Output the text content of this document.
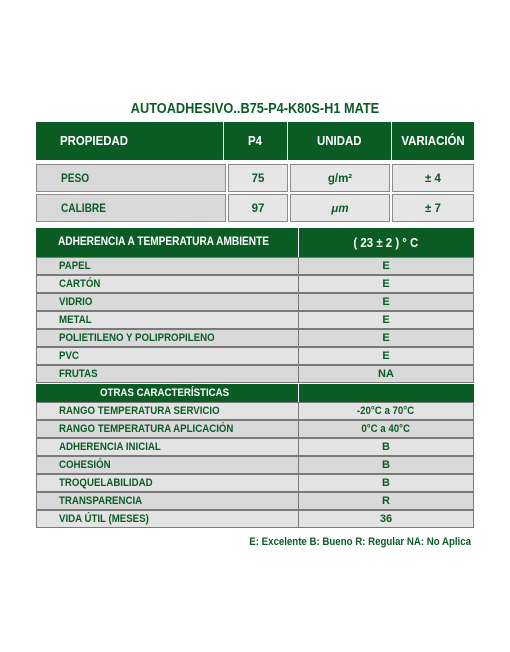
AUTOADHESIVO..B75-P4-K80S-H1 MATE
PROPIEDAD	P4	UNIDAD	VARIACIÓN
PESO	75	g/m²	± 4
CALIBRE	97	μm	± 7
ADHERENCIA A TEMPERATURA AMBIENTE	( 23 ± 2 ) ° C
PAPEL	E
CARTÓN	E
VIDRIO	E
METAL	E
POLIETILENO Y POLIPROPILENO	E
PVC	E
FRUTAS	NA
OTRAS CARACTERÍSTICAS
RANGO TEMPERATURA SERVICIO	-20°C a 70°C
RANGO TEMPERATURA APLICACIÓN	0°C a 40°C
ADHERENCIA INICIAL	B
COHESIÓN	B
TROQUELABILIDAD	B
TRANSPARENCIA	R
VIDA ÚTIL (MESES)	36
E: Excelente B: Bueno R: Regular NA: No Aplica
